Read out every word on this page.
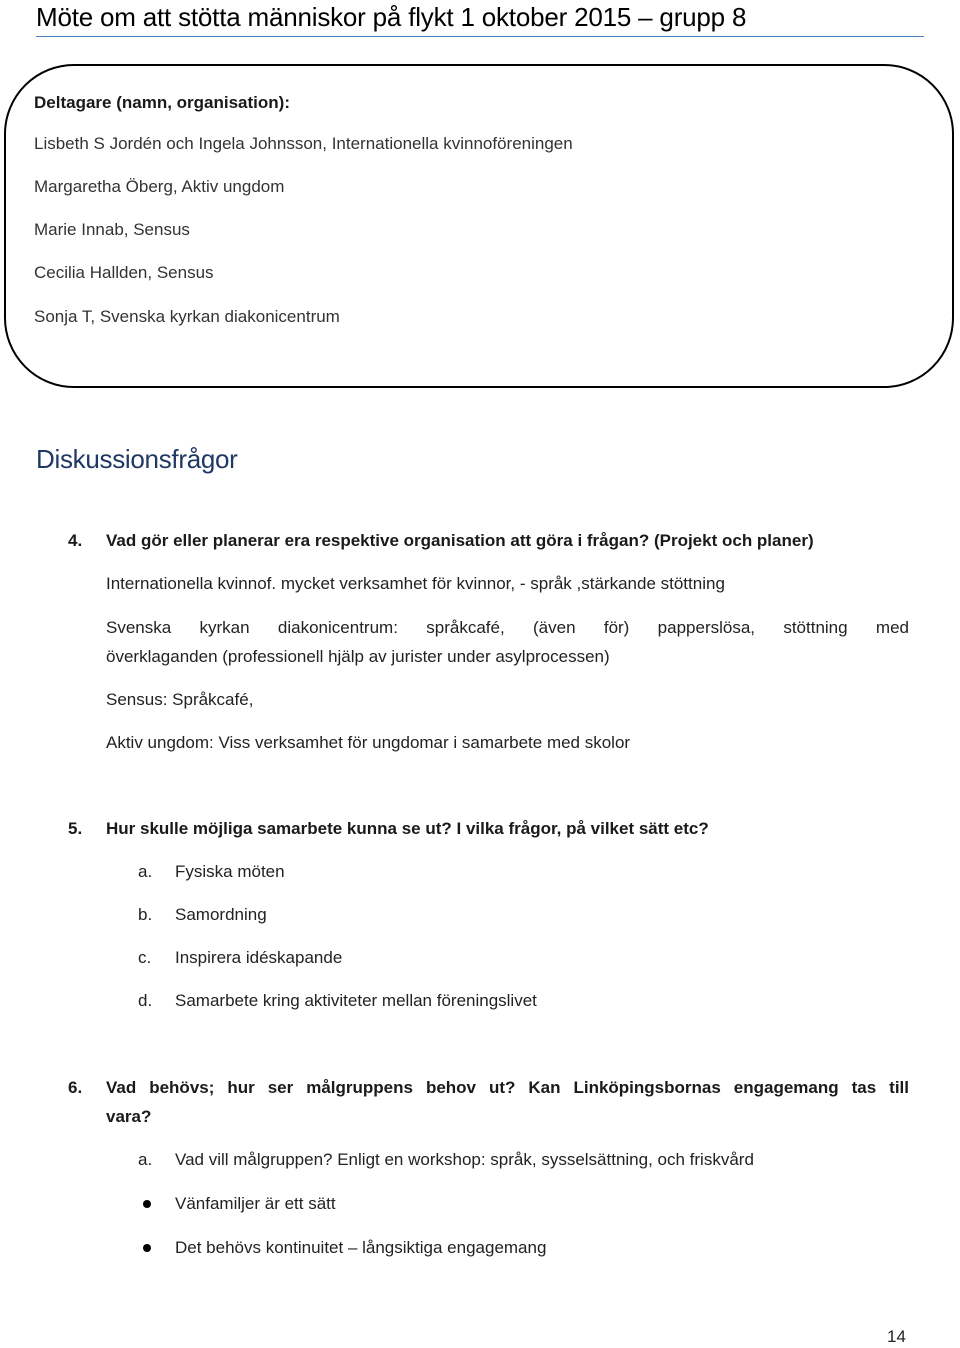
Möte om att stötta människor på flykt 1 oktober 2015 – grupp 8
Deltagare (namn, organisation):
Lisbeth S Jordén och Ingela Johnsson, Internationella kvinnoföreningen
Margaretha Öberg, Aktiv ungdom
Marie Innab, Sensus
Cecilia Hallden, Sensus
Sonja T, Svenska kyrkan diakonicentrum
Diskussionsfrågor
4. Vad gör eller planerar era respektive organisation att göra i frågan? (Projekt och planer)
Internationella kvinnof. mycket verksamhet för kvinnor, - språk ,stärkande stöttning
Svenska kyrkan diakonicentrum: språkcafé, (även för) papperslösa, stöttning med
överklaganden (professionell hjälp av jurister under asylprocessen)
Sensus: Språkcafé,
Aktiv ungdom: Viss verksamhet för ungdomar i samarbete med skolor
5. Hur skulle möjliga samarbete kunna se ut? I vilka frågor, på vilket sätt etc?
a. Fysiska möten
b. Samordning
c. Inspirera idéskapande
d. Samarbete kring aktiviteter mellan föreningslivet
6. Vad behövs; hur ser målgruppens behov ut? Kan Linköpingsbornas engagemang tas till
vara?
a. Vad vill målgruppen? Enligt en workshop: språk, sysselsättning, och friskvård
Vänfamiljer är ett sätt
Det behövs kontinuitet – långsiktiga engagemang
14
